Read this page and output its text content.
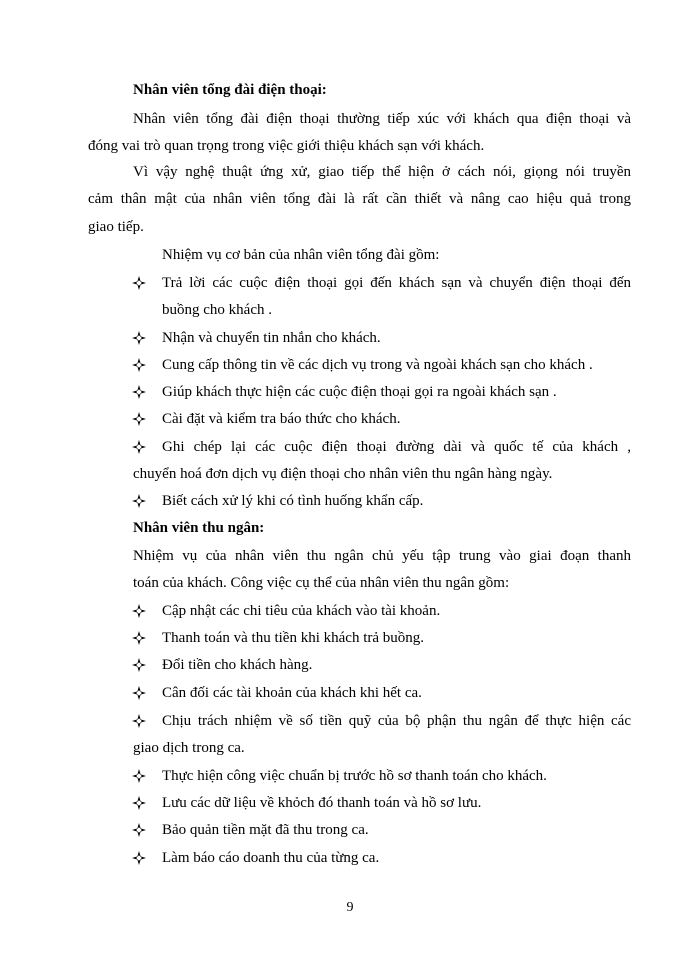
Nhân viên tổng đài điện thoại:
Nhân viên tổng đài điện thoại thường tiếp xúc với khách qua điện thoại và
đóng vai trò quan trọng trong việc giới thiệu khách sạn với khách.
Vì vậy nghệ thuật ứng xử, giao tiếp thể hiện ở cách nói, giọng nói truyền
cảm thân mật của nhân viên tổng đài là rất cần thiết và nâng cao hiệu quả trong
giao tiếp.
Nhiệm vụ cơ bản của nhân viên tổng đài gồm:
Trả lời các cuộc điện thoại gọi đến khách sạn và chuyển điện thoại đến
buồng cho khách .
Nhận và chuyển tin nhắn cho khách.
Cung cấp thông tin về các dịch vụ trong và ngoài khách sạn cho khách .
Giúp khách thực hiện các cuộc điện thoại gọi ra ngoài khách sạn .
Cài đặt và kiểm tra báo thức cho khách.
Ghi chép lại các cuộc điện thoại đường dài và quốc tế của khách ,
chuyển hoá đơn dịch vụ điện thoại cho nhân viên thu ngân hàng ngày.
Biết cách xử lý khi có tình huống khẩn cấp.
Nhân viên thu ngân:
Nhiệm vụ của nhân viên thu ngân chủ yếu tập trung vào giai đoạn thanh
toán của khách. Công việc cụ thể của nhân viên thu ngân gồm:
Cập nhật các chi tiêu của khách vào tài khoản.
Thanh toán và thu tiền khi khách trả buồng.
Đổi tiền cho khách hàng.
Cân đối các tài khoản của khách khi hết ca.
Chịu trách nhiệm về số tiền quỹ của bộ phận thu ngân để thực hiện các
giao dịch trong ca.
Thực hiện công việc chuẩn bị trước hồ sơ thanh toán cho khách.
Lưu các dữ liệu về khỏch đó thanh toán và hồ sơ lưu.
Bảo quản tiền mặt đã thu trong ca.
Làm báo cáo doanh thu của từng ca.
9
